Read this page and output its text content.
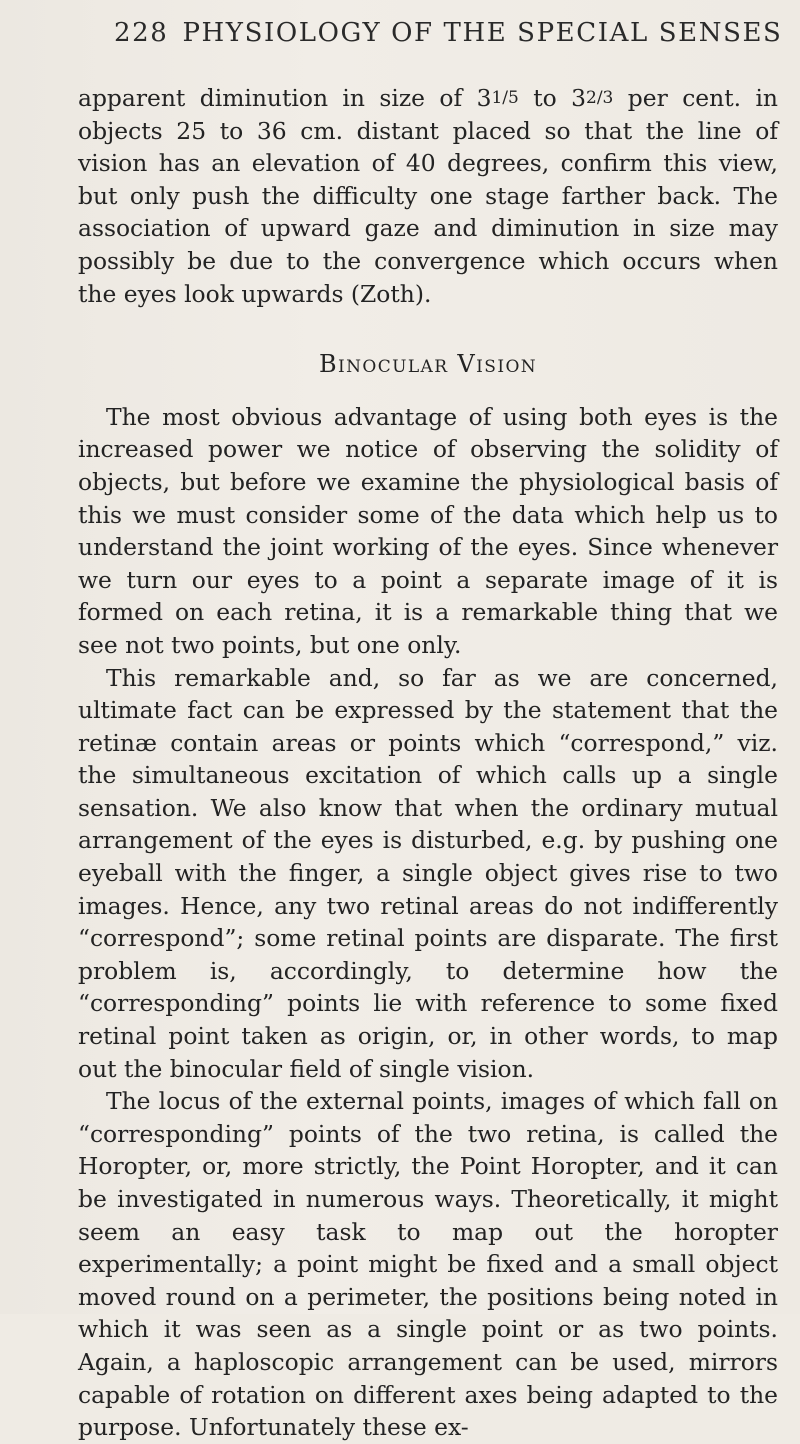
228 PHYSIOLOGY OF THE SPECIAL SENSES

apparent diminution in size of 31/5 to 32/3 per cent. in objects 25 to 36 cm. distant placed so that the line of vision has an elevation of 40 degrees, confirm this view, but only push the difficulty one stage farther back. The association of upward gaze and diminution in size may possibly be due to the convergence which occurs when the eyes look upwards (Zoth).

Binocular Vision

The most obvious advantage of using both eyes is the increased power we notice of observing the solidity of objects, but before we examine the physiological basis of this we must consider some of the data which help us to understand the joint working of the eyes. Since whenever we turn our eyes to a point a separate image of it is formed on each retina, it is a remarkable thing that we see not two points, but one only.

This remarkable and, so far as we are concerned, ultimate fact can be expressed by the statement that the retinæ contain areas or points which “correspond,” viz. the simultaneous excitation of which calls up a single sensation. We also know that when the ordinary mutual arrangement of the eyes is disturbed, e.g. by pushing one eyeball with the finger, a single object gives rise to two images. Hence, any two retinal areas do not indifferently “correspond”; some retinal points are disparate. The first problem is, accordingly, to determine how the “corresponding” points lie with reference to some fixed retinal point taken as origin, or, in other words, to map out the binocular field of single vision.

The locus of the external points, images of which fall on “corresponding” points of the two retina, is called the Horopter, or, more strictly, the Point Horopter, and it can be investigated in numerous ways. Theoretically, it might seem an easy task to map out the horopter experimentally; a point might be fixed and a small object moved round on a perimeter, the positions being noted in which it was seen as a single point or as two points. Again, a haploscopic arrangement can be used, mirrors capable of rotation on different axes being adapted to the purpose. Unfortunately these ex-
